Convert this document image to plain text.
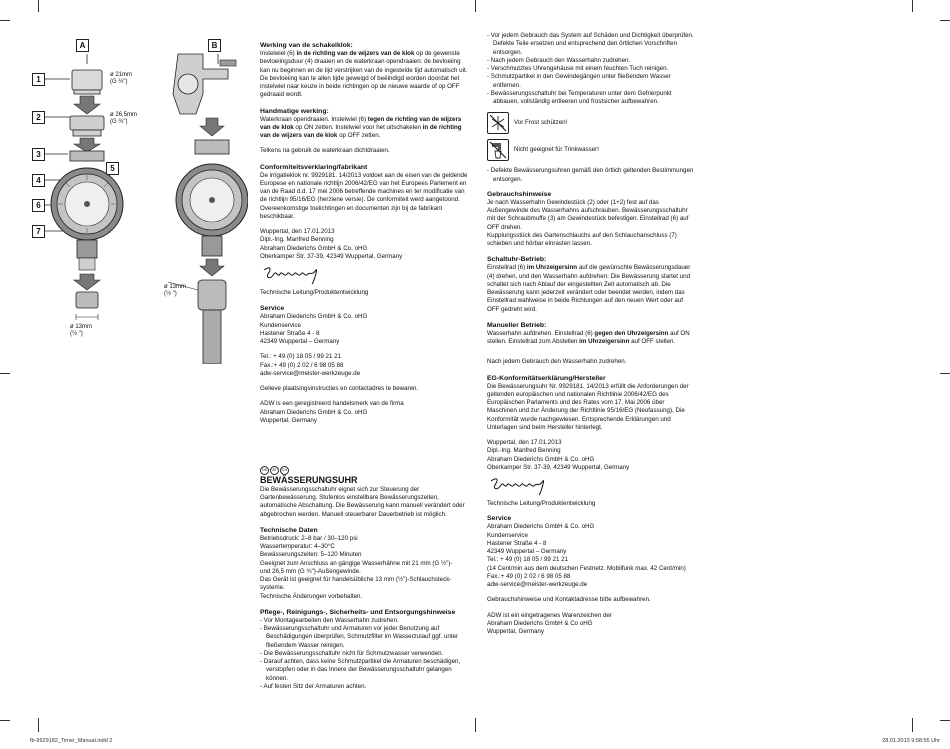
A	B
1
2
3
4
5
6
7
ø 21mm
(G ½")
ø 26,5mm
(G ¾")
ø 13mm
(½ ")
ø 13mm
(½ ")
Werking van de schakelklok:

Instelwiel (6) in de richting van de wijzers van de klok op de gewenste bevloeiingsduur (4) draaien en de waterkraan opendraaien: de bevloeiing kan nu beginnen en de tijd verstrijken van de ingestelde tijd automatisch uit.

De bevloeiing kan te allen tijde geweigd of beëindigd worden doordat het instelwiel naar keuze in beide richtingen op de nieuwe waarde of op OFF gedraaid wordt.

Handmatige werking:

Waterkraan opendraaien. Instelwiel (6) tegen de richting van de wijzers van de klok op ON zetten. Instelwiel voor het uitschakelen in de richting van de wijzers van de klok op OFF zetten.

Telkens na gebruik de waterkraan dichtdraaien.

Conformiteitsverklaring/fabrikant

De irrigatieklok nr. 9929181. 14/2013 voldoet aan de eisen van de geldende Europese en nationale richtlijn 2006/42/EG van het Europees Parlement en van de Raad d.d. 17 mei 2006 betreffende machines en ter modificatie van de richtlijn 95/16/EG (herziene versie). De conformiteit werd aangetoond. Overeenkomstige toelichtingen en documenten zijn bij de fabrikant beschikbaar.

Wuppertal, den 17.01.2013
Dipl.-Ing. Manfred Benning
Abraham Diederichs GmbH & Co. oHG
Oberkamper Str. 37-39, 42349 Wuppertal, Germany
Technische Leitung/Produktentwicklung
Service
Abraham Diederichs GmbH & Co. oHG
Kundenservice
Hastener Straße 4 - 8
42349 Wuppertal – Germany
Tel.: + 49 (0) 18 05 / 99 21 21
Fax.:+ 49 (0) 2 02 / 6 98 05 88
adw-service@meister-werkzeuge.de

Gelieve plaatsingsinstructies en contactadres te bewaren.

ADW is een geregistreerd handelsmerk van de firma
Abraham Diederichs GmbH & Co. oHG
Wuppertal, Germany
DE	AT	CH
BEWÄSSERUNGSUHR

Die Bewässerungsschaltuhr eignet sich zur Steuerung der Gartenbewässerung. Stufenlos einstellbare Bewässerungszeiten, automatische Abschaltung. Die Bewässerung kann manuell verändert oder abgebrochen werden. Manuell steuerbarer Dauerbetrieb ist möglich.

Technische Daten
Betriebsdruck: 2–8 bar / 30–120 psi
Wassertemperatur: 4–30°C
Bewässerungszeiten: 5–120 Minuten
Geeignet zum Anschluss an gängige Wasserhähne mit 21 mm (G ½")-
und 26,5 mm (G ¾")-Außengewinde.
Das Gerät ist geeignet für handelsübliche 13 mm (½")-Schlauchsteck-
systeme.
Technische Änderungen vorbehalten.
Pflege-, Reinigungs-, Sicherheits- und Entsorgungshinweise
- Vor Montagearbeiten den Wasserhahn zudrehen.
- Bewässerungsschaltuhr und Armaturen vor jeder Benutzung auf Beschädigungen überprüfen, Schmutzfilter im Wasserzulauf ggf. unter fließendem Wasser reinigen.
- Die Bewässerungsschaltuhr nicht für Schmutzwasser verwenden.
- Darauf achten, dass keine Schmutzpartikel die Armaturen beschädigen, verstopfen oder in das Innere der Bewässerungsschaltuhr gelangen können.
- Auf festen Sitz der Armaturen achten.
- Vor jedem Gebrauch das System auf Schäden und Dichtigkeit überprüfen. Defekte Teile ersetzen und entsprechend den örtlichen Vorschriften entsorgen.
- Nach jedem Gebrauch den Wasserhahn zudrehen.
- Verschmutztes Uhrengehäuse mit einem feuchten Tuch reinigen.
- Schmutzpartikel in den Gewindegängen unter fließendem Wasser entfernen.
- Bewässerungsschaltuhr bei Temperaturen unter dem Gefrierpunkt abbauen, vollständig entleeren und frostsicher aufbewahren.
Vor Frost schützen!
Nicht geeignet für Trinkwasser!
- Defekte Bewässerungsuhren gemäß den örtlich geltenden Bestimmungen entsorgen.
Gebrauchshinweise

Je nach Wasserhahn Gewindestück (2) oder (1+2) fest auf das Außengewinde des Wasserhahns aufschrauben. Bewässerungsschaltuhr mit der Schraubmuffe (3) am Gewindestück befestigen. Einstellrad (6) auf OFF drehen.

Kupplungsstück des Gartenschlauchs auf den Schlauchanschluss (7) schieben und hörbar einrasten lassen.

Schaltuhr-Betrieb:

Einstellrad (6) im Uhrzeigersinn auf die gewünschte Bewässerungsdauer (4) drehen, und den Wasserhahn aufdrehen: Die Bewässerung startet und schaltet sich nach Ablauf der eingestellten Zeit automatisch ab. Die Bewässerung kann jederzeit verändert oder beendet werden, indem das Einstellrad wahlweise in beide Richtungen auf den neuen Wert oder auf OFF gedreht wird.

Manueller Betrieb:

Wasserhahn aufdrehen. Einstellrad (6) gegen den Uhrzeigersinn auf ON stellen. Einstellrad zum Abstellen im Uhrzeigersinn auf OFF stellen.

Nach jedem Gebrauch den Wasserhahn zudrehen.

EG-Konformitätserklärung/Hersteller

Die Bewässerungsuhr Nr. 9929181. 14/2013 erfüllt die Anforderungen der geltenden europäischen und nationalen Richtlinie 2006/42/EG des Europäischen Parlaments und des Rates vom 17. Mai 2006 über Maschinen und zur Änderung der Richtlinie 95/16/EG (Neufassung). Die Konformität wurde nachgewiesen. Entsprechende Erklärungen und Unterlagen sind beim Hersteller hinterlegt.

Wuppertal, den 17.01.2013
Dipl.-Ing. Manfred Benning
Abraham Diederichs GmbH & Co. oHG
Oberkamper Str. 37-39, 42349 Wuppertal, Germany
Technische Leitung/Produktentwicklung
Service
Abraham Diederichs GmbH & Co. oHG
Kundenservice
Hastener Straße 4 - 8
42349 Wuppertal – Germany
Tel.: + 49 (0) 18 05 / 99 21 21
(14 Cent/min aus dem deutschen Festnetz. Mobilfunk max. 42 Cent/min)
Fax.:+ 49 (0) 2 02 / 6 98 05 88
adw-service@meister-werkzeuge.de

Gebrauchshinweise und Kontaktadresse bitte aufbewahren.

ADW ist ein eingetragenes Warenzeichen der
Abraham Diederichs GmbH & Co oHG
Wuppertal, Germany
fb-9929182_Timer_Manual.indd 2	28.01.2013 9:58:55 Uhr
